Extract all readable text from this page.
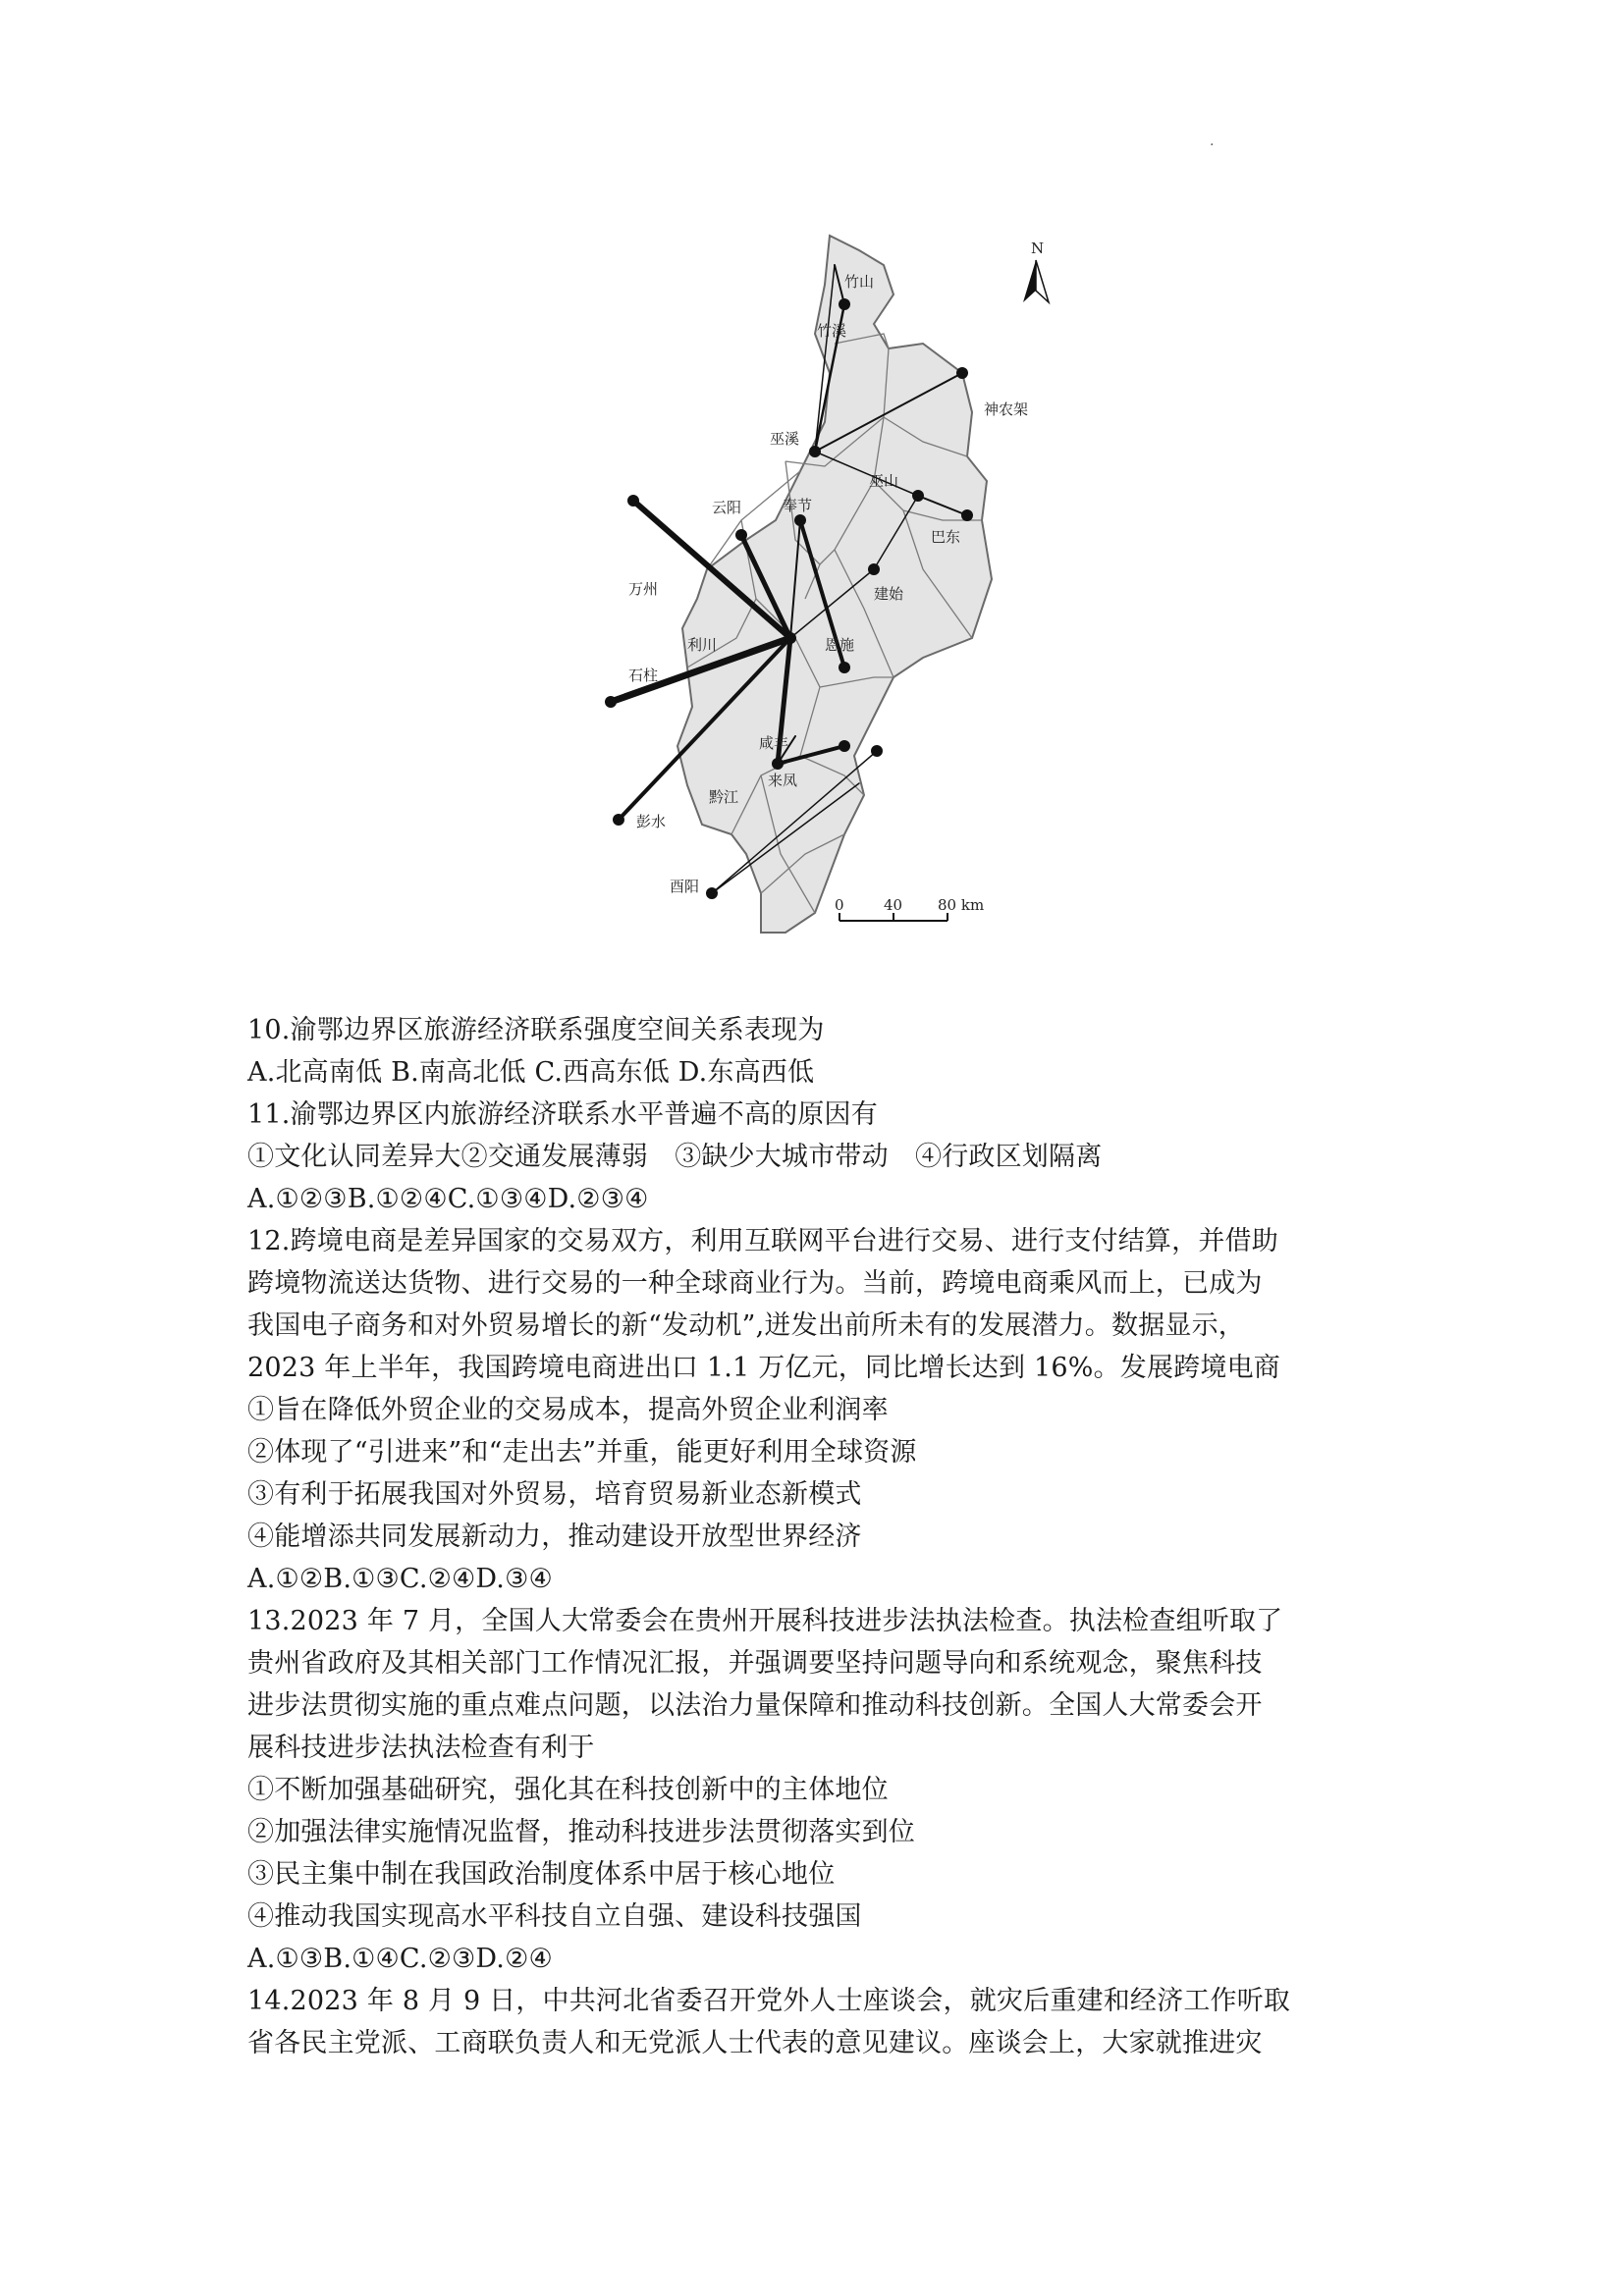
.
竹山
竹溪
巫溪
神农架
巫山
奉节
云阳
巴东
万州	建始
利川	恩施
石柱
咸丰
黔江
来凤
彭水
酉阳
N
0	40 80 km
10.渝鄂边界区旅游经济联系强度空间关系表现为
A.北高南低 B.南高北低 C.西高东低 D.东高西低
11.渝鄂边界区内旅游经济联系水平普遍不高的原因有
①文化认同差异大②交通发展薄弱　③缺少大城市带动　④行政区划隔离
A.①②③B.①②④C.①③④D.②③④
12.跨境电商是差异国家的交易双方，利用互联网平台进行交易、进行支付结算，并借助
跨境物流送达货物、进行交易的一种全球商业行为。当前，跨境电商乘风而上，已成为
我国电子商务和对外贸易增长的新“发动机”,迸发出前所未有的发展潜力。数据显示，
2023 年上半年，我国跨境电商进出口 1.1 万亿元，同比增长达到 16%。发展跨境电商
①旨在降低外贸企业的交易成本，提高外贸企业利润率
②体现了“引进来”和“走出去”并重，能更好利用全球资源
③有利于拓展我国对外贸易，培育贸易新业态新模式
④能增添共同发展新动力，推动建设开放型世界经济
A.①②B.①③C.②④D.③④
13.2023 年 7 月，全国人大常委会在贵州开展科技进步法执法检查。执法检查组听取了
贵州省政府及其相关部门工作情况汇报，并强调要坚持问题导向和系统观念，聚焦科技
进步法贯彻实施的重点难点问题，以法治力量保障和推动科技创新。全国人大常委会开
展科技进步法执法检查有利于
①不断加强基础研究，强化其在科技创新中的主体地位
②加强法律实施情况监督，推动科技进步法贯彻落实到位
③民主集中制在我国政治制度体系中居于核心地位
④推动我国实现高水平科技自立自强、建设科技强国
A.①③B.①④C.②③D.②④
14.2023 年 8 月 9 日，中共河北省委召开党外人士座谈会，就灾后重建和经济工作听取
省各民主党派、工商联负责人和无党派人士代表的意见建议。座谈会上，大家就推进灾
